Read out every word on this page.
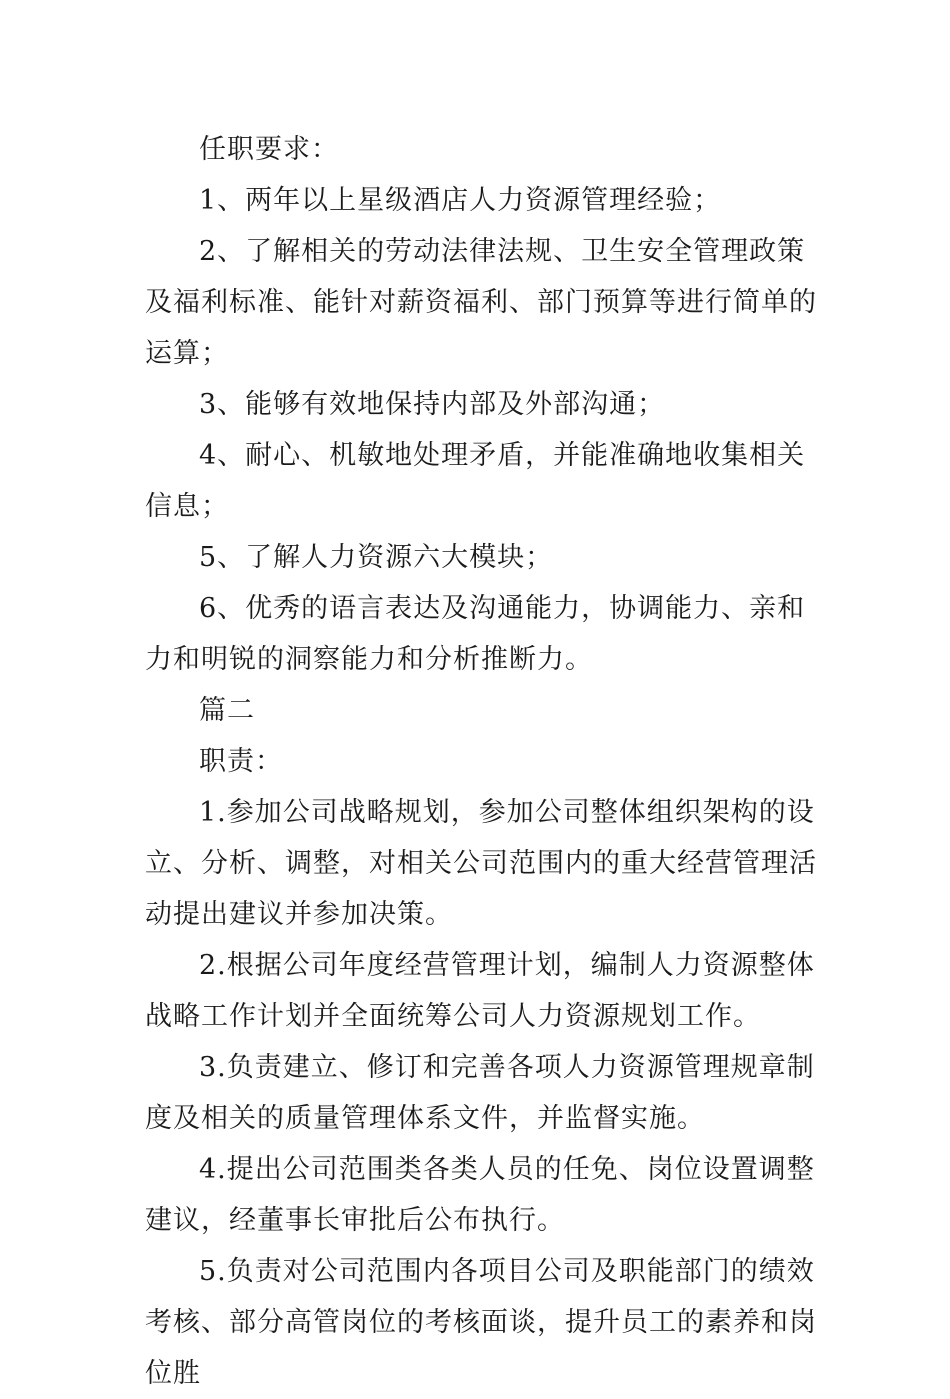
任职要求：

1、两年以上星级酒店人力资源管理经验；

2、了解相关的劳动法律法规、卫生安全管理政策及福利标准、能针对薪资福利、部门预算等进行简单的运算；

3、能够有效地保持内部及外部沟通；

4、耐心、机敏地处理矛盾，并能准确地收集相关信息；

5、了解人力资源六大模块；

6、优秀的语言表达及沟通能力，协调能力、亲和力和明锐的洞察能力和分析推断力。

篇二

职责：

1.参加公司战略规划，参加公司整体组织架构的设立、分析、调整，对相关公司范围内的重大经营管理活动提出建议并参加决策。

2.根据公司年度经营管理计划，编制人力资源整体战略工作计划并全面统筹公司人力资源规划工作。

3.负责建立、修订和完善各项人力资源管理规章制度及相关的质量管理体系文件，并监督实施。

4.提出公司范围类各类人员的任免、岗位设置调整建议，经董事长审批后公布执行。

5.负责对公司范围内各项目公司及职能部门的绩效考核、部分高管岗位的考核面谈，提升员工的素养和岗位胜
